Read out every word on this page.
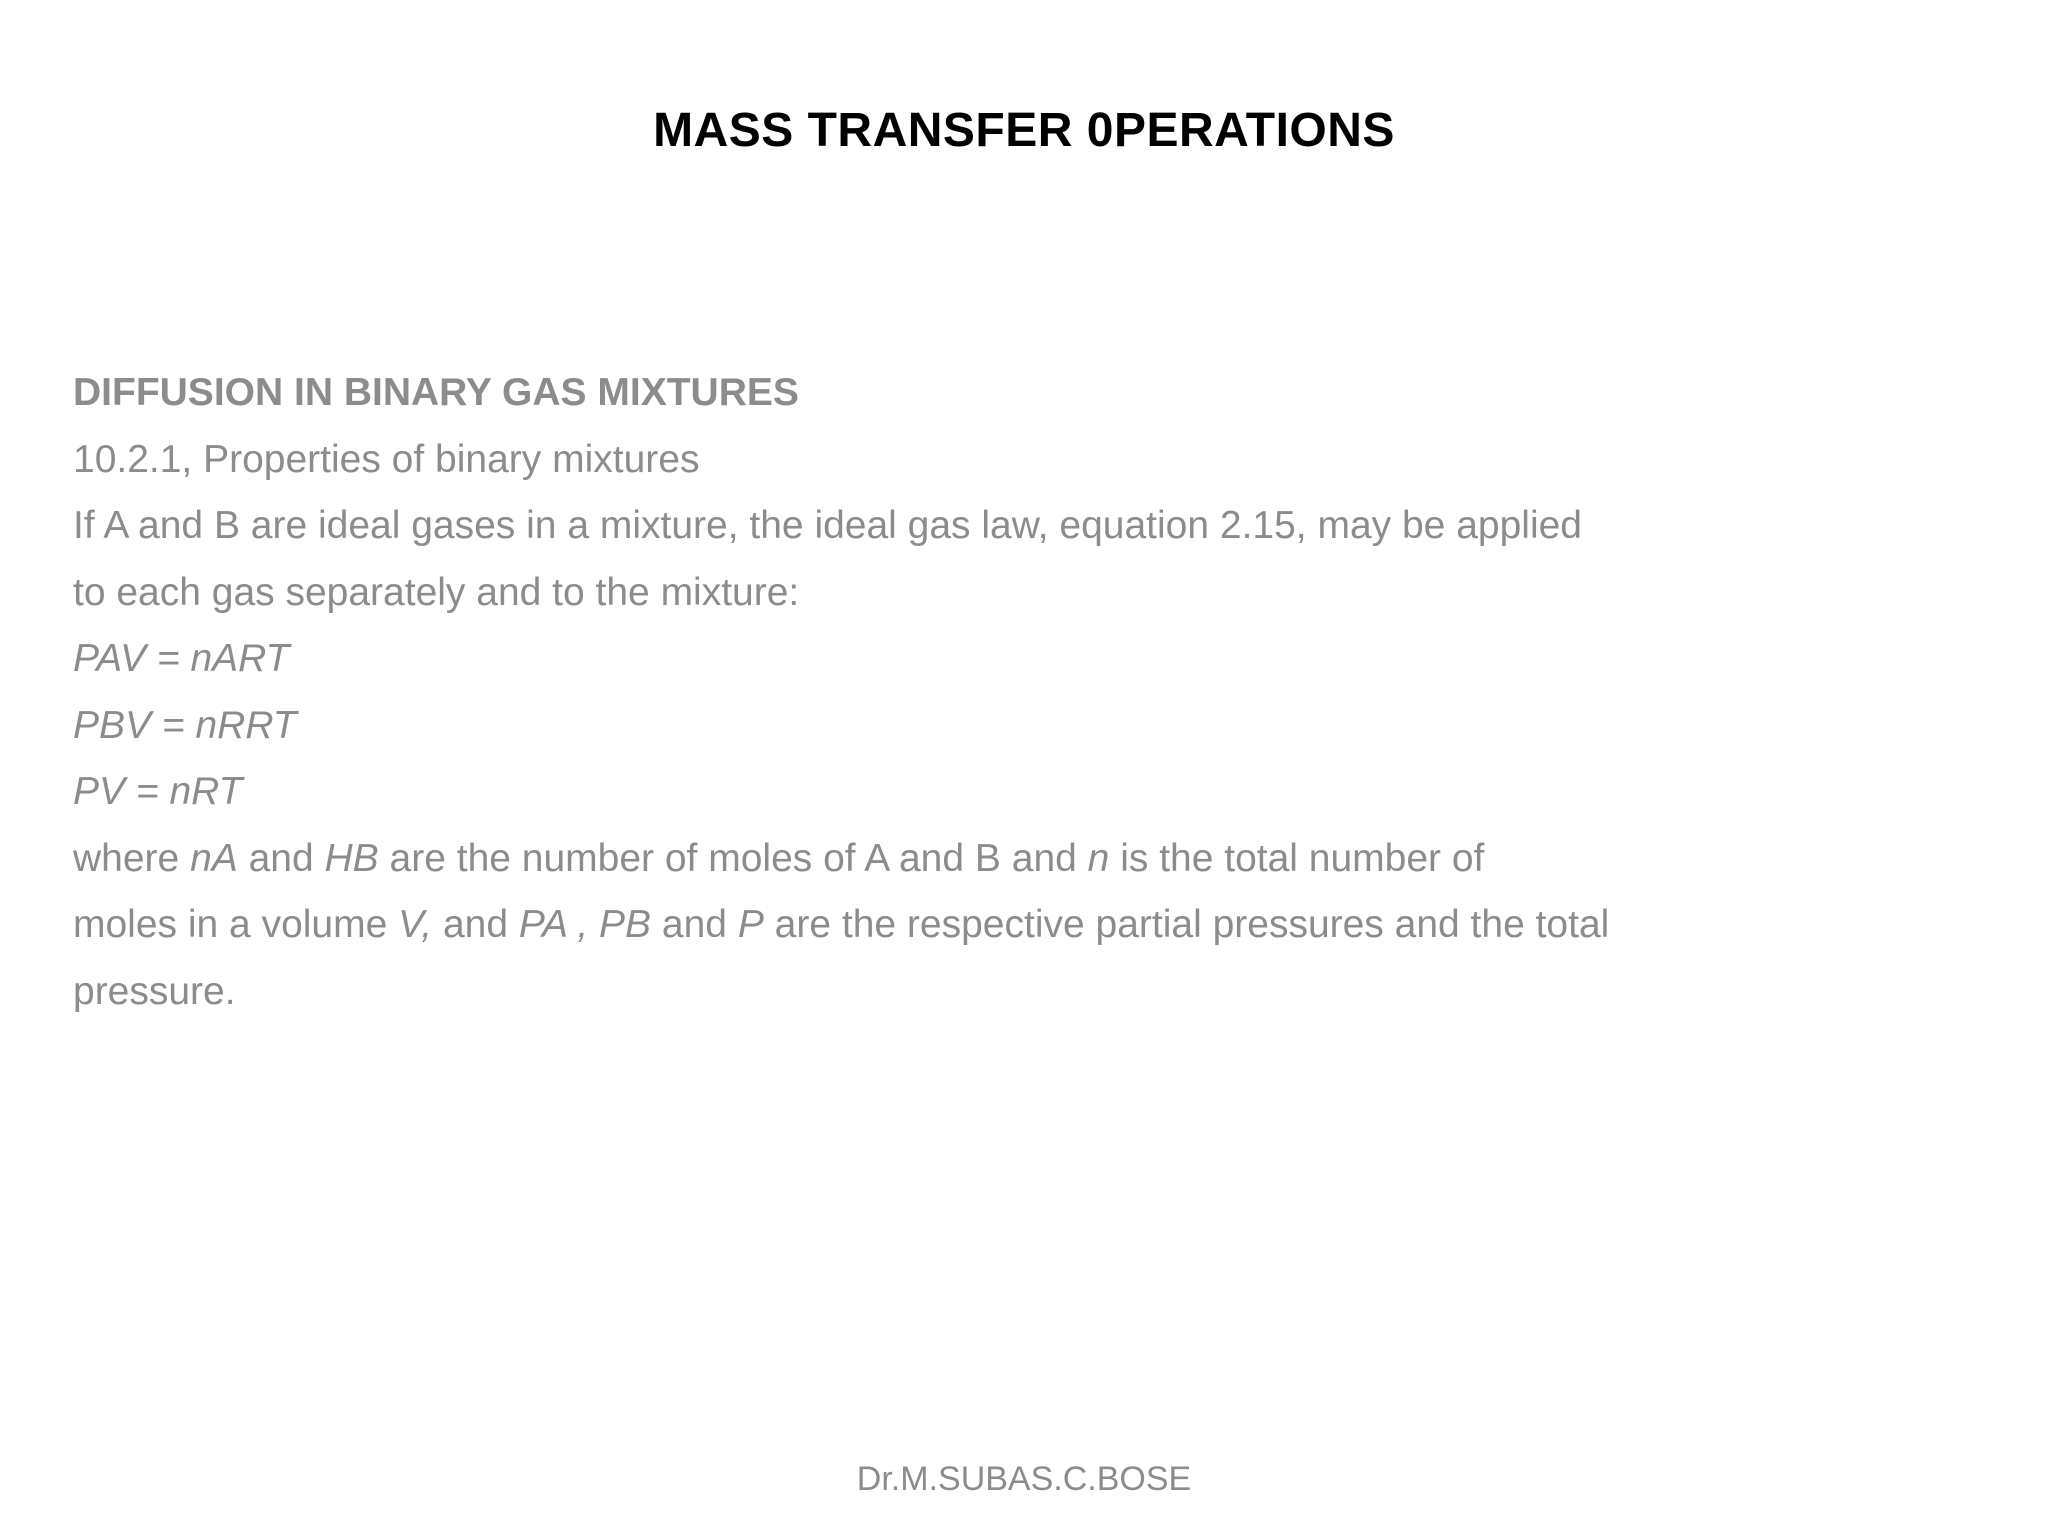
MASS TRANSFER 0PERATIONS
DIFFUSION IN BINARY GAS MIXTURES
10.2.1, Properties of binary mixtures
If A and B are ideal gases in a mixture, the ideal gas law, equation 2.15, may be applied
to each gas separately and to the mixture:
PAV = nART
PBV = nRRT
PV = nRT
where nA and HB are the number of moles of A and B and n is the total number of
moles in a volume V, and PA , PB and P are the respective partial pressures and the total
pressure.
Dr.M.SUBAS.C.BOSE
